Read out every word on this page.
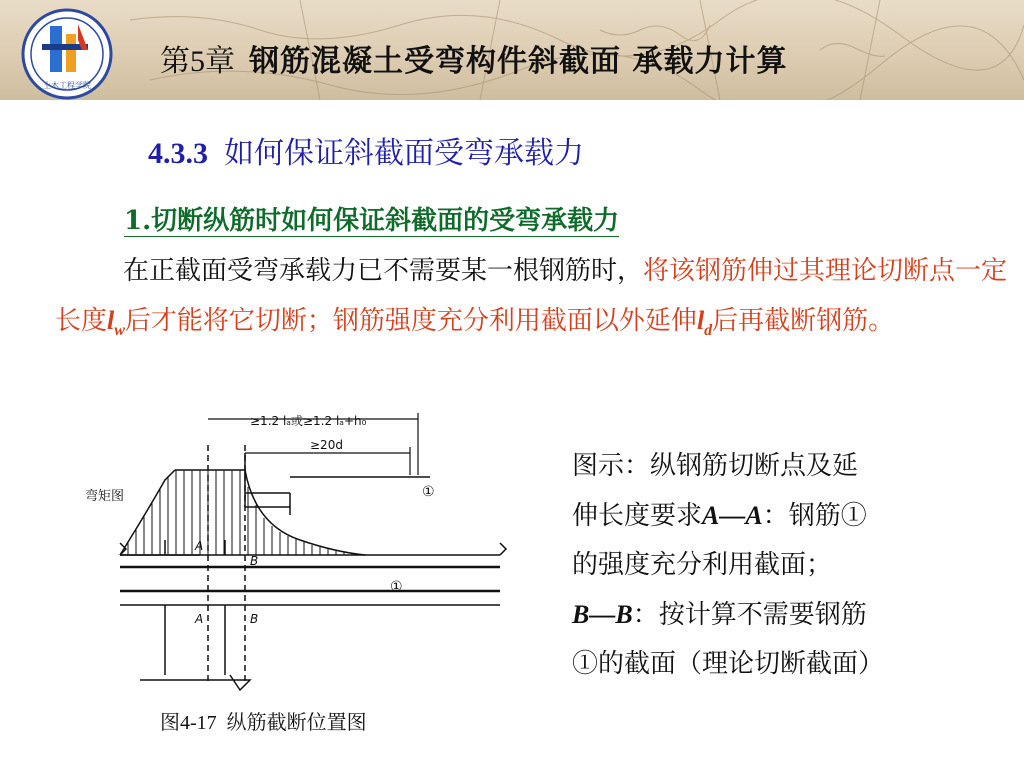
土木工程学院
第5章 钢筋混凝土受弯构件斜截面 承载力计算
4.3.3 如何保证斜截面受弯承载力
1.切断纵筋时如何保证斜截面的受弯承载力
在正截面受弯承载力已不需要某一根钢筋时，将该钢筋伸过其理论切断点一定长度$l_w$后才能将它切断；钢筋强度充分利用截面以外延伸$l_d$后再截断钢筋。
≥1.2 lₐ或≥1.2 lₐ+h₀
≥20d
弯矩图
A
B
A	B
①
①
图4-17 纵筋截断位置图
图示：纵钢筋切断点及延
伸长度要求A—A：钢筋①
的强度充分利用截面；
B—B：按计算不需要钢筋
①的截面（理论切断截面）
